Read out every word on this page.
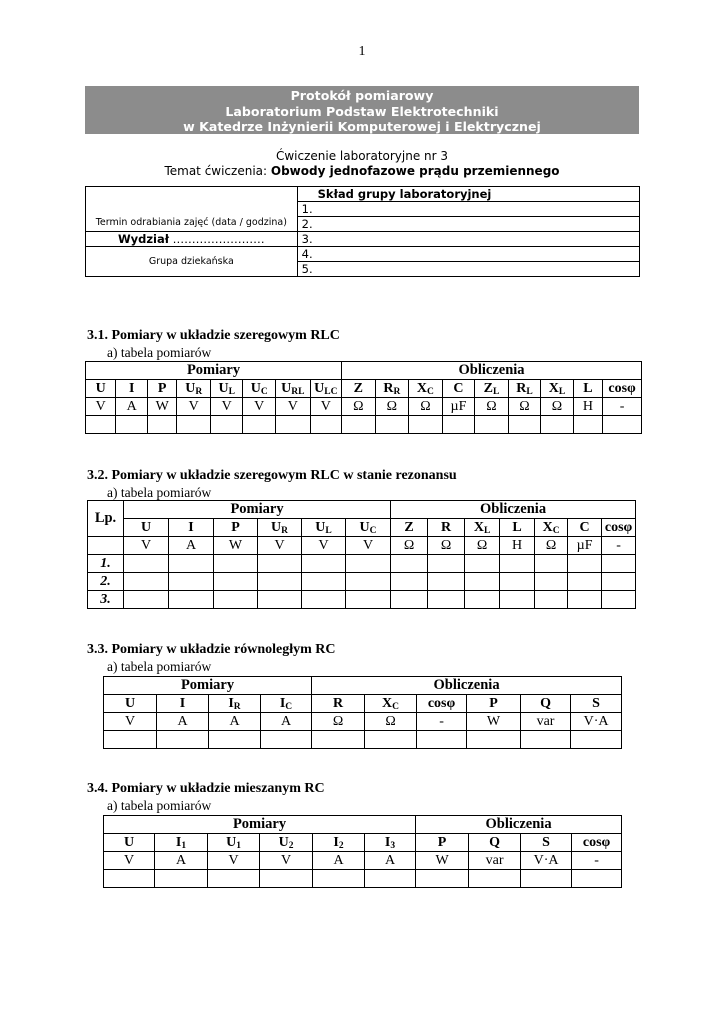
1
Protokół pomiarowy
Laboratorium Podstaw Elektrotechniki
w Katedrze Inżynierii Komputerowej i Elektrycznej
Ćwiczenie laboratoryjne nr 3
Temat ćwiczenia: Obwody jednofazowe prądu przemiennego
Termin odrabiania zajęć (data / godzina)	Skład grupy laboratoryjnej
	1.
	2.
Wydział ……………………	3.
Grupa dziekańska	4.
	5.
3.1. Pomiary w układzie szeregowym RLC
a) tabela pomiarów
Pomiary								Obliczenia								
U	I	P	$U_R$	$U_L$	$U_C$	$U_{RL}$	$U_{LC}$	Z	$R_R$	$X_C$	C	$Z_L$	$R_L$	$X_L$	L	cosφ
V	A	W	V	V	V	V	V	Ω	Ω	Ω	µF	Ω	Ω	Ω	H	-

3.2. Pomiary w układzie szeregowym RLC w stanie rezonansu
a) tabela pomiarów
Lp.	Pomiary						Obliczenia						
	U	I	P	$U_R$	$U_L$	$U_C$	Z	R	$X_L$	L	$X_C$	C	cosφ
	V	A	W	V	V	V	Ω	Ω	Ω	H	Ω	µF	-
1.													
2.													
3.													
3.3. Pomiary w układzie równoległym RC
a) tabela pomiarów
Pomiary				Obliczenia					
U	I	$I_R$	$I_C$	R	$X_C$	cosφ	P	Q	S
V	A	A	A	Ω	Ω	-	W	var	V·A

3.4. Pomiary w układzie mieszanym RC
a) tabela pomiarów
Pomiary						Obliczenia			
U	$I_1$	$U_1$	$U_2$	$I_2$	$I_3$	P	Q	S	cosφ
V	A	V	V	A	A	W	var	V·A	-
